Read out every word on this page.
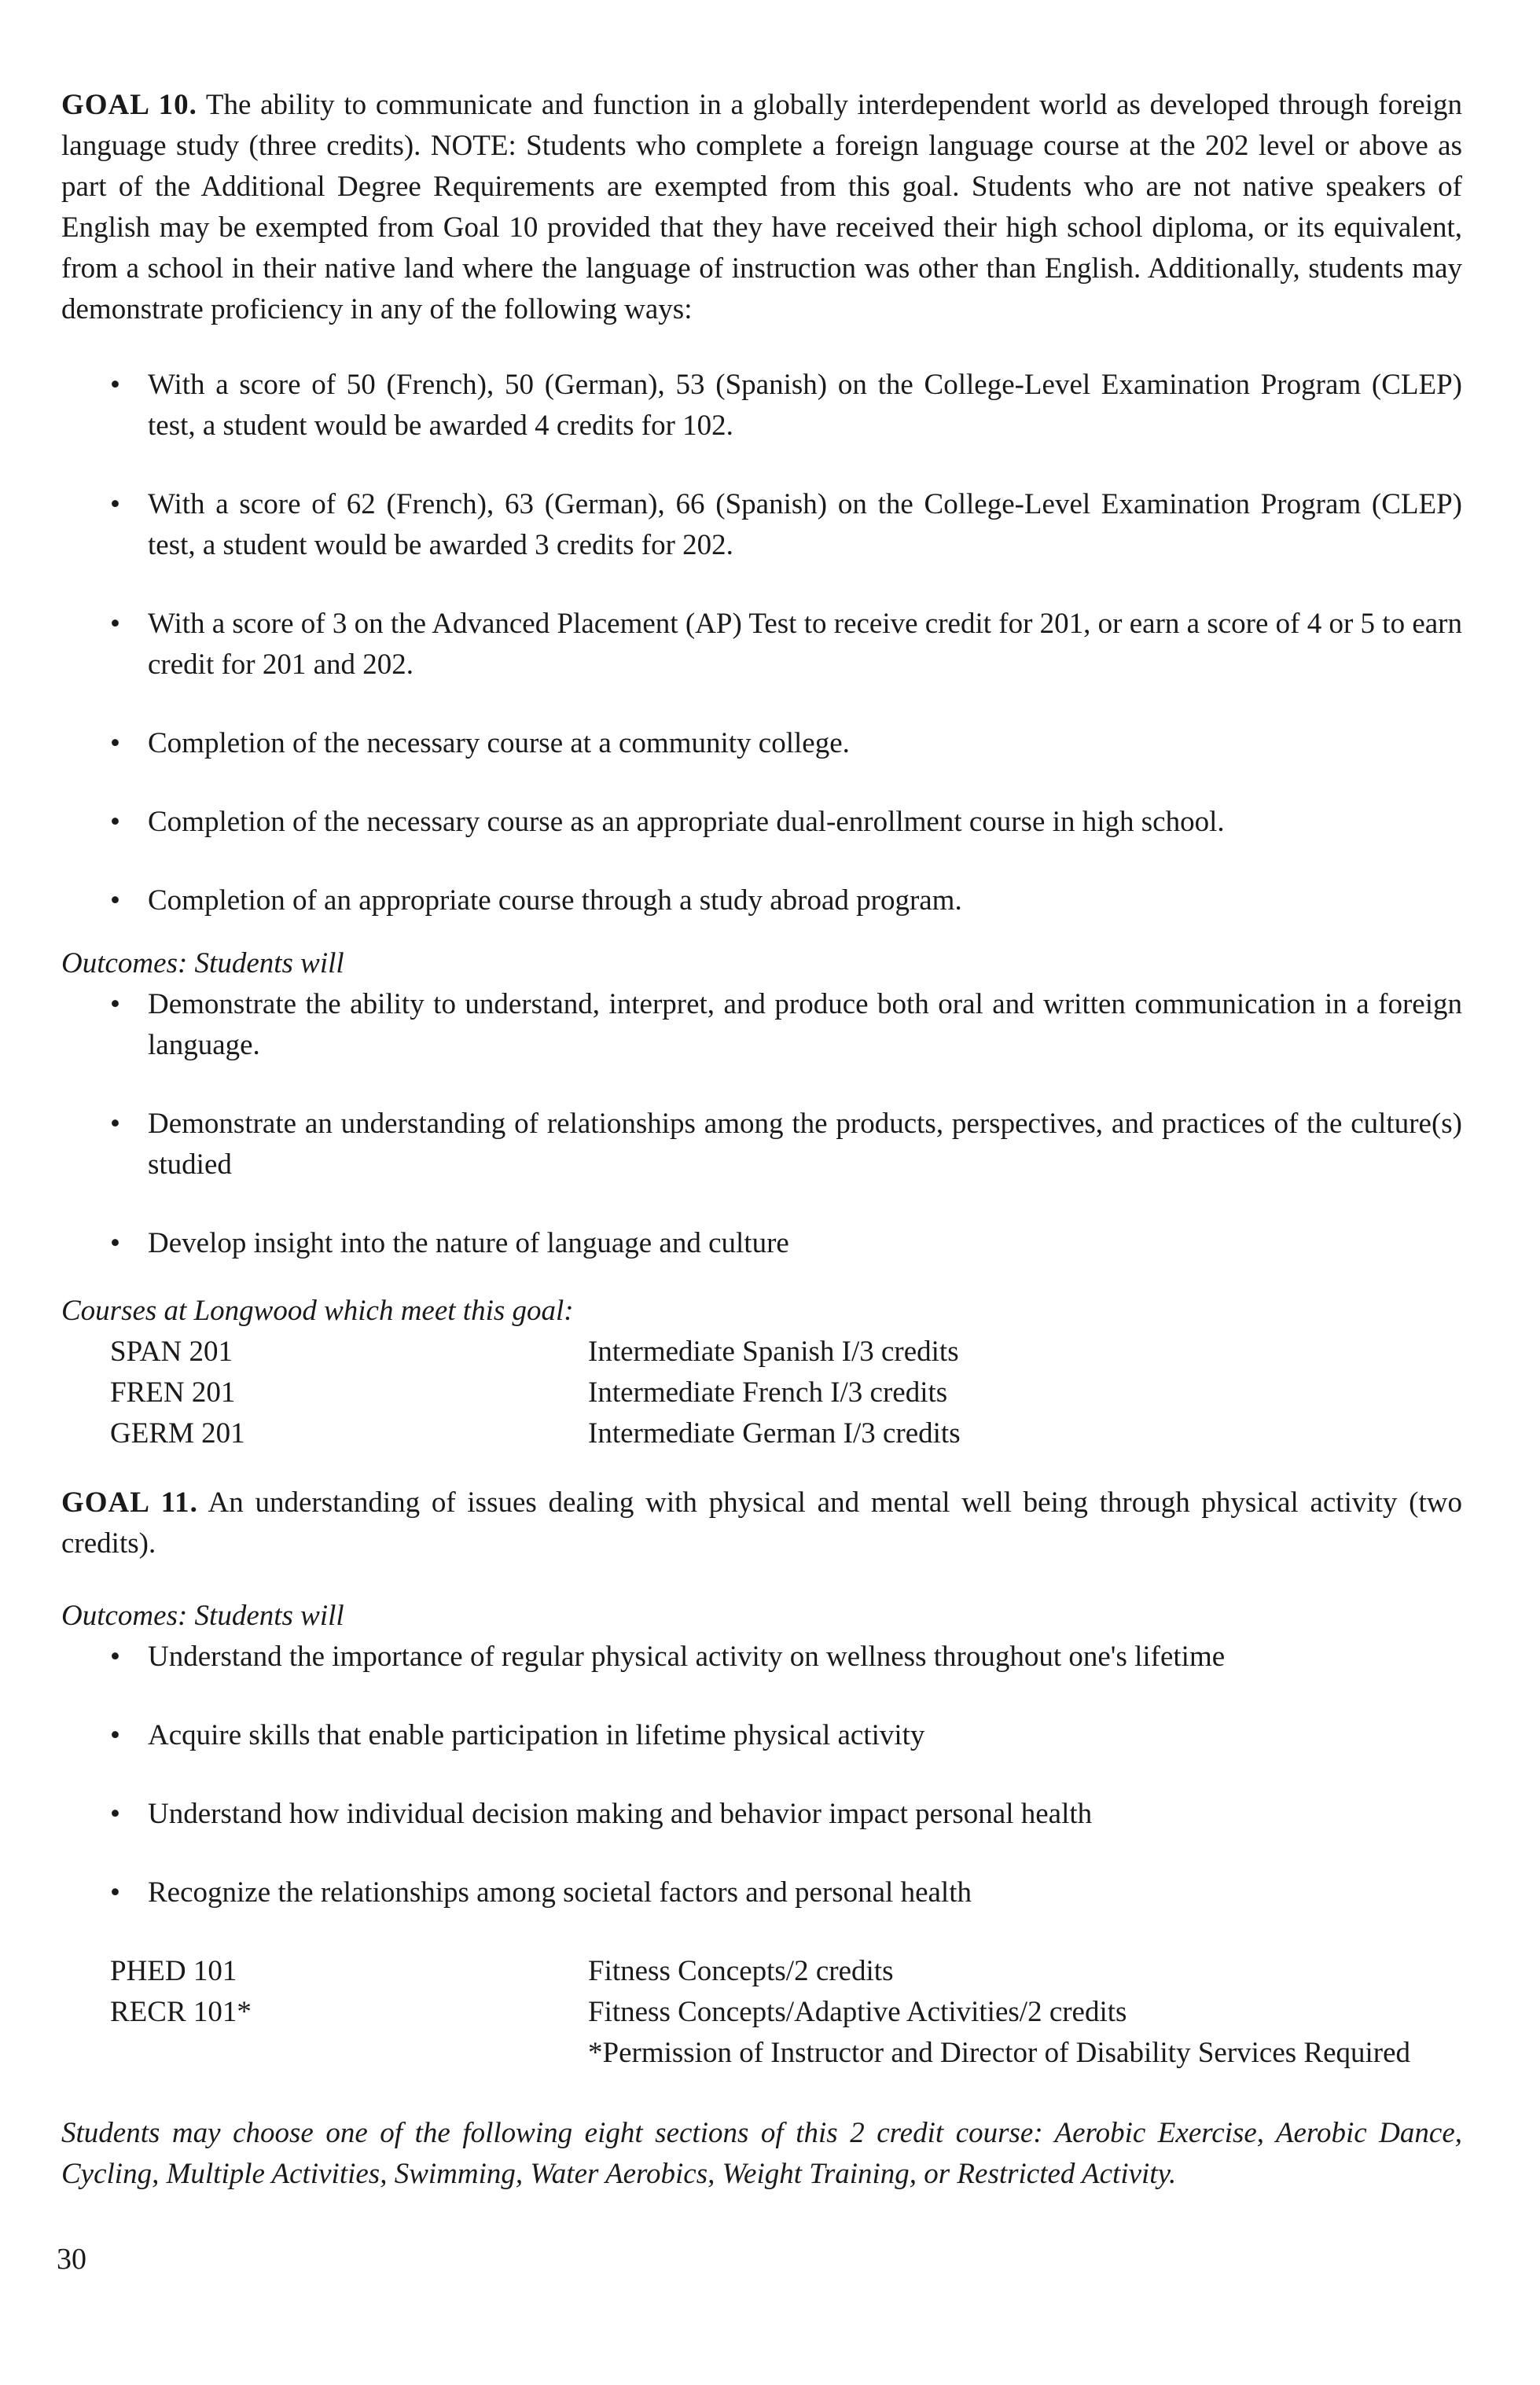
GOAL 10. The ability to communicate and function in a globally interdependent world as developed through foreign language study (three credits). NOTE: Students who complete a foreign language course at the 202 level or above as part of the Additional Degree Requirements are exempted from this goal. Students who are not native speakers of English may be exempted from Goal 10 provided that they have received their high school diploma, or its equivalent, from a school in their native land where the language of instruction was other than English. Additionally, students may demonstrate proficiency in any of the following ways:

• With a score of 50 (French), 50 (German), 53 (Spanish) on the College-Level Examination Program (CLEP) test, a student would be awarded 4 credits for 102.
• With a score of 62 (French), 63 (German), 66 (Spanish) on the College-Level Examination Program (CLEP) test, a student would be awarded 3 credits for 202.
• With a score of 3 on the Advanced Placement (AP) Test to receive credit for 201, or earn a score of 4 or 5 to earn credit for 201 and 202.
• Completion of the necessary course at a community college.
• Completion of the necessary course as an appropriate dual-enrollment course in high school.
• Completion of an appropriate course through a study abroad program.

Outcomes: Students will

• Demonstrate the ability to understand, interpret, and produce both oral and written communication in a foreign language.
• Demonstrate an understanding of relationships among the products, perspectives, and practices of the culture(s) studied
• Develop insight into the nature of language and culture

Courses at Longwood which meet this goal:

SPAN 201	Intermediate Spanish I/3 credits
FREN 201	Intermediate French I/3 credits
GERM 201	Intermediate German I/3 credits

GOAL 11. An understanding of issues dealing with physical and mental well being through physical activity (two credits).

Outcomes: Students will

• Understand the importance of regular physical activity on wellness throughout one's lifetime
• Acquire skills that enable participation in lifetime physical activity
• Understand how individual decision making and behavior impact personal health
• Recognize the relationships among societal factors and personal health
PHED 101	Fitness Concepts/2 credits
RECR 101*	Fitness Concepts/Adaptive Activities/2 credits
*Permission of Instructor and Director of Disability Services Required

Students may choose one of the following eight sections of this 2 credit course: Aerobic Exercise, Aerobic Dance, Cycling, Multiple Activities, Swimming, Water Aerobics, Weight Training, or Restricted Activity.

30
